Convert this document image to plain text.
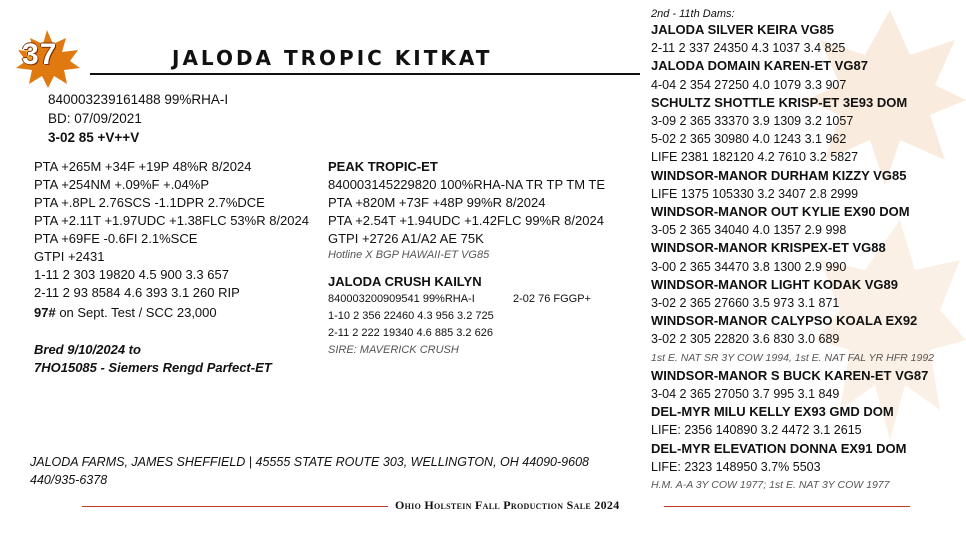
37	JALODA TROPIC KITKAT
840003239161488 99%RHA-I
BD: 07/09/2021
3-02 85 +V++V
PTA +265M +34F +19P 48%R 8/2024
PTA +254NM +.09%F +.04%P
PTA +.8PL 2.76SCS -1.1DPR 2.7%DCE
PTA +2.11T +1.97UDC +1.38FLC 53%R 8/2024
PTA +69FE -0.6FI 2.1%SCE
GTPI +2431
1-11 2 303 19820 4.5 900 3.3 657
2-11 2 93 8584 4.6 393 3.1 260 RIP
97# on Sept. Test / SCC 23,000
Bred 9/10/2024 to
7HO15085 - Siemers Rengd Parfect-ET
PEAK TROPIC-ET
840003145229820 100%RHA-NA TR TP TM TE
PTA +820M +73F +48P 99%R 8/2024
PTA +2.54T +1.94UDC +1.42FLC 99%R 8/2024
GTPI +2726 A1/A2 AE 75K
Hotline X BGP HAWAII-ET VG85
JALODA CRUSH KAILYN
840003200909541 99%RHA-I	2-02 76 FGGP+
1-10 2 356 22460 4.3 956 3.2 725
2-11 2 222 19340 4.6 885 3.2 626
SIRE: MAVERICK CRUSH
2nd - 11th Dams:
JALODA SILVER KEIRA VG85
2-11 2 337 24350 4.3 1037 3.4 825
JALODA DOMAIN KAREN-ET VG87
4-04 2 354 27250 4.0 1079 3.3 907
SCHULTZ SHOTTLE KRISP-ET 3E93 DOM
3-09 2 365 33370 3.9 1309 3.2 1057
5-02 2 365 30980 4.0 1243 3.1 962
LIFE 2381 182120 4.2 7610 3.2 5827
WINDSOR-MANOR DURHAM KIZZY VG85
LIFE 1375 105330 3.2 3407 2.8 2999
WINDSOR-MANOR OUT KYLIE EX90 DOM
3-05 2 365 34040 4.0 1357 2.9 998
WINDSOR-MANOR KRISPEX-ET VG88
3-00 2 365 34470 3.8 1300 2.9 990
WINDSOR-MANOR LIGHT KODAK VG89
3-02 2 365 27660 3.5 973 3.1 871
WINDSOR-MANOR CALYPSO KOALA EX92
3-02 2 305 22820 3.6 830 3.0 689
1st E. NAT SR 3Y COW 1994, 1st E. NAT FAL YR HFR 1992
WINDSOR-MANOR S BUCK KAREN-ET VG87
3-04 2 365 27050 3.7 995 3.1 849
DEL-MYR MILU KELLY EX93 GMD DOM
LIFE: 2356 140890 3.2 4472 3.1 2615
DEL-MYR ELEVATION DONNA EX91 DOM
LIFE: 2323 148950 3.7% 5503
H.M. A-A 3Y COW 1977; 1st E. NAT 3Y COW 1977
JALODA FARMS, JAMES SHEFFIELD | 45555 STATE ROUTE 303, WELLINGTON, OH 44090-9608
440/935-6378
Ohio Holstein Fall Production Sale 2024
